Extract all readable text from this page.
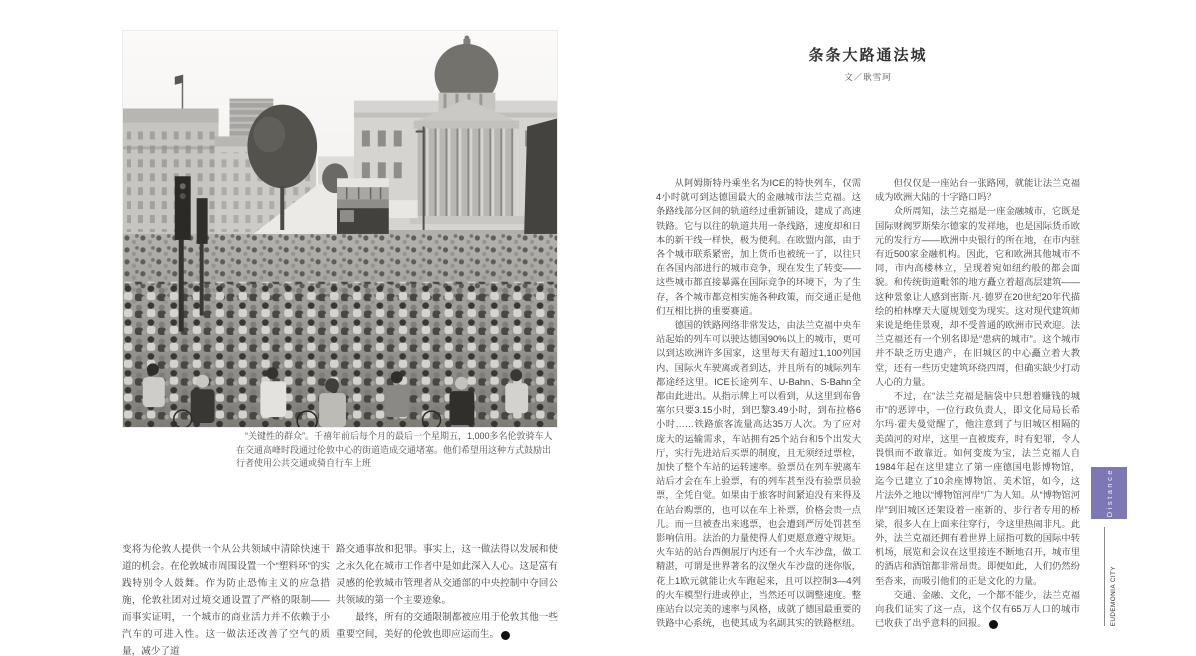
“关键性的群众”。千禧年前后每个月的最后一个星期五，1,000多名伦敦骑车人在交通高峰时段通过伦敦中心的街道造成交通堵塞。他们希望用这种方式鼓励出行者使用公共交通或骑自行车上班

变将为伦敦人提供一个从公共领域中清除快速干道的机会。在伦敦城市周围设置一个“塑料环”的实践特别令人鼓舞。作为防止恐怖主义的应急措施，伦敦社团对过境交通设置了严格的限制——而事实证明，一个城市的商业活力并不依赖于小汽车的可进入性。这一做法还改善了空气的质量，减少了道

路交通事故和犯罪。事实上，这一做法得以发展和使之永久化在城市工作者中是如此深入人心。这是富有灵感的伦敦城市管理者从交通部的中央控制中夺回公共领域的第一个主要迹象。

最终，所有的交通限制都被应用于伦敦其他一些重要空间，美好的伦敦也即应运而生。	E

条条大路通法城
文／耿雪珂

从阿姆斯特丹乘坐名为ICE的特快列车，仅需4小时就可到达德国最大的金融城市法兰克福。这条路线部分区间的轨道经过重新铺设，建成了高速铁路。它与以往的轨道共用一条线路，速度却和日本的新干线一样快，极为便利。在欧盟内部，由于各个城市联系紧密，加上货币也被统一了，以往只在各国内部进行的城市竞争，现在发生了转变——这些城市都直接暴露在国际竞争的环境下，为了生存，各个城市都竞相实施各种政策，而交通正是他们互相比拼的重要赛道。

德国的铁路网络非常发达，由法兰克福中央车站起始的列车可以驶达德国90%以上的城市，更可以到达欧洲许多国家，这里每天有超过1,100列国内、国际火车驶离或者到达，并且所有的城际列车都途经这里。ICE长途列车、U-Bahn、S-Bahn全都由此进出。从指示牌上可以看到，从这里到布鲁塞尔只要3.15小时，到巴黎3.49小时，到布拉格6小时……铁路旅客流量高达35万人次。为了应对庞大的运输需求，车站拥有25个站台和5个出发大厅，实行先进站后买票的制度，且无须经过票检，加快了整个车站的运转速率。验票员在列车驶离车站后才会在车上验票，有的列车甚至没有验票员验票，全凭自觉。如果由于旅客时间紧迫没有来得及在站台购票的，也可以在车上补票，价格会贵一点儿。而一旦被查出来逃票，也会遭到严厉处罚甚至影响信用。法治的力量使得人们更愿意遵守规矩。火车站的站台西侧展厅内还有一个火车沙盘，做工精湛，可谓是世界著名的汉堡火车沙盘的迷你版，花上1欧元就能让火车跑起来，且可以控制3—4列的火车模型行进或停止，当然还可以调整速度。整座站台以完美的速率与风格，成就了德国最重要的铁路中心系统，也使其成为名副其实的铁路枢纽。

但仅仅是一座站台一张路网，就能让法兰克福成为欧洲大陆的十字路口吗？

众所周知，法兰克福是一座金融城市，它既是国际财阀罗斯柴尔德家的发祥地，也是国际货币欧元的发行方——欧洲中央银行的所在地，在市内驻有近500家金融机构。因此，它和欧洲其他城市不同，市内高楼林立，呈现着宛如纽约般的都会面貌。和传统街道毗邻的地方矗立着超高层建筑——这种景象让人感到密斯·凡·德罗在20世纪20年代描绘的柏林摩天大厦规划变为现实。这对现代建筑师来说是绝佳景观，却不受普通的欧洲市民欢迎。法兰克福还有一个别名即是“患病的城市”。这个城市并不缺乏历史遗产，在旧城区的中心矗立着大教堂，还有一些历史建筑环绕四周，但确实缺少打动人心的力量。

不过，在“法兰克福是脑袋中只想着赚钱的城市”的恶评中，一位行政负责人，即文化局局长希尔玛·霍夫曼觉醒了，他注意到了与旧城区相隔的美茵河的对岸，这里一直被废弃，时有犯罪，令人畏惧而不敢靠近。如何变废为宝，法兰克福人自1984年起在这里建立了第一座德国电影博物馆，迄今已建立了10余座博物馆、美术馆，如今，这片法外之地以“博物馆河岸”广为人知。从“博物馆河岸”到旧城区还架设着一座新的、步行者专用的桥梁，很多人在上面来往穿行，令这里热闹非凡。此外，法兰克福还拥有着世界上屈指可数的国际中转机场，展览和会议在这里接连不断地召开，城市里的酒店和酒馆都非常昂贵。即便如此，人们仍然纷至沓来，而吸引他们的正是文化的力量。

交通、金融、文化，一个都不能少，法兰克福向我们证实了这一点，这个仅有65万人口的城市已收获了出乎意料的回报。	E

Distance
EUDEMONIA CITY
